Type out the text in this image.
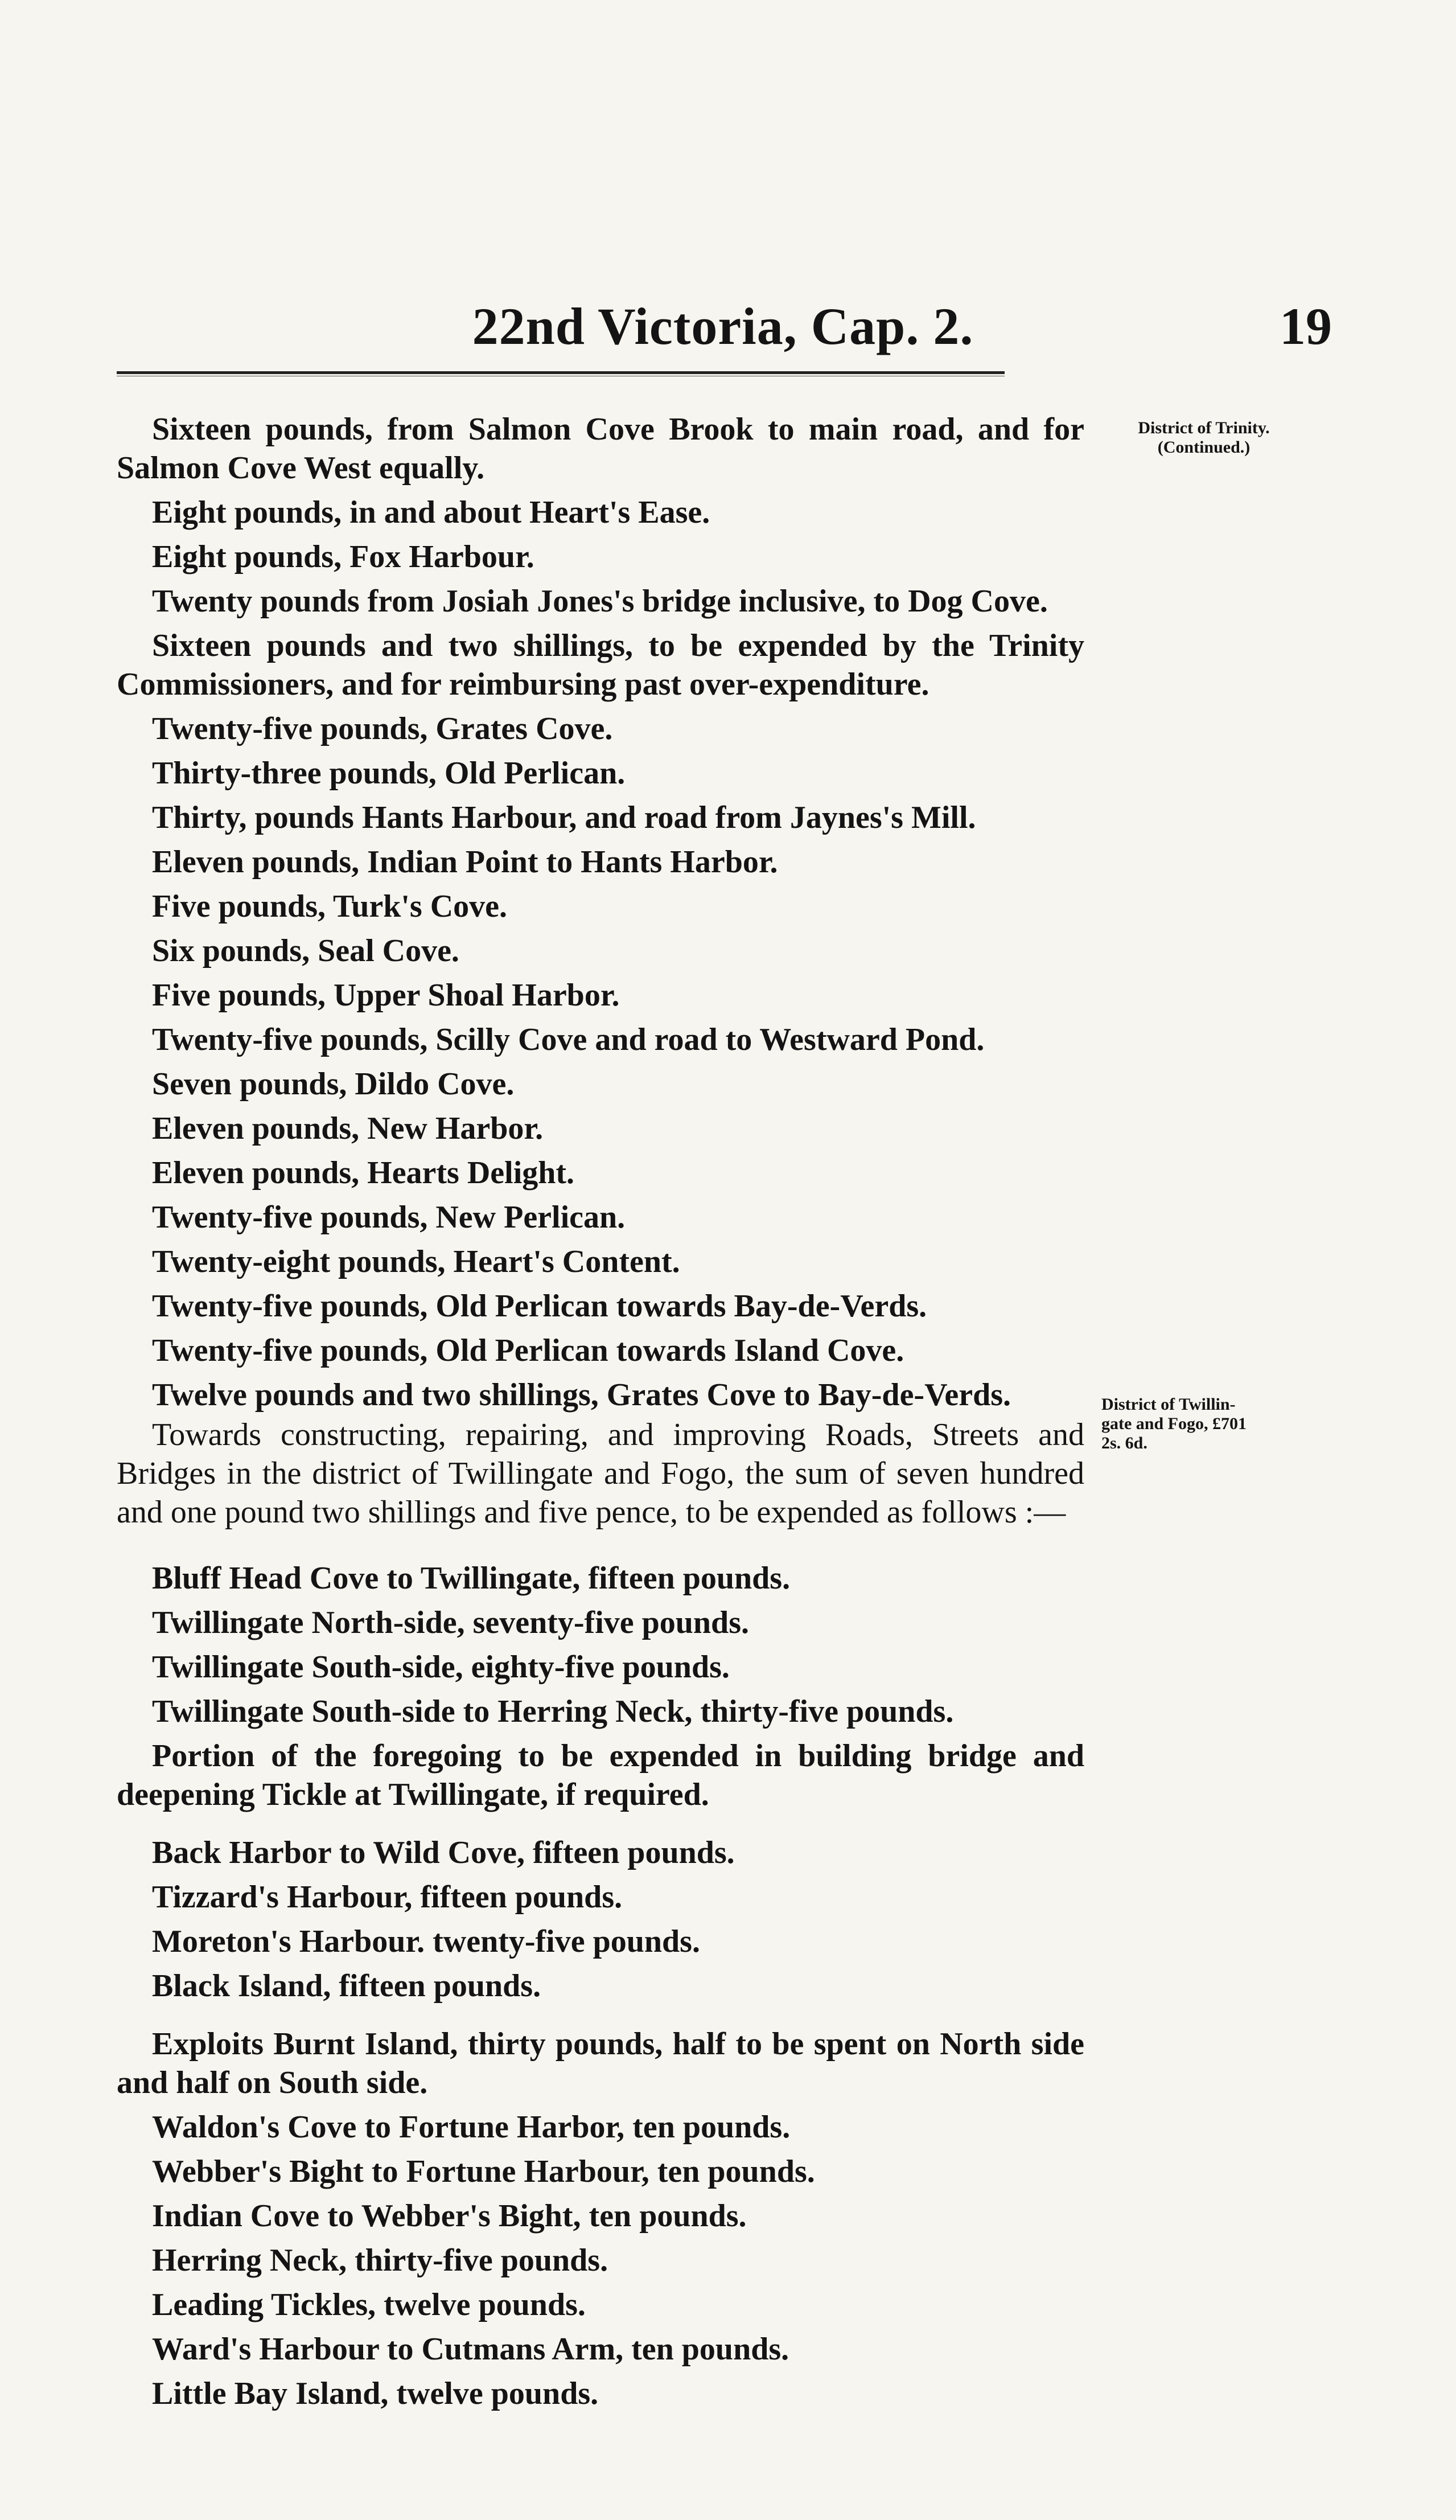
22nd Victoria, Cap. 2.	19
District of Trinity.
(Continued.)
District of Twillin-
gate and Fogo, £701
2s. 6d.

Sixteen pounds, from Salmon Cove Brook to main road, and for Salmon Cove West equally.

Eight pounds, in and about Heart's Ease.

Eight pounds, Fox Harbour.

Twenty pounds from Josiah Jones's bridge inclusive, to Dog Cove.

Sixteen pounds and two shillings, to be expended by the Trinity Commissioners, and for reimbursing past over-expenditure.

Twenty-five pounds, Grates Cove.

Thirty-three pounds, Old Perlican.

Thirty, pounds Hants Harbour, and road from Jaynes's Mill.

Eleven pounds, Indian Point to Hants Harbor.

Five pounds, Turk's Cove.

Six pounds, Seal Cove.

Five pounds, Upper Shoal Harbor.

Twenty-five pounds, Scilly Cove and road to Westward Pond.

Seven pounds, Dildo Cove.

Eleven pounds, New Harbor.

Eleven pounds, Hearts Delight.

Twenty-five pounds, New Perlican.

Twenty-eight pounds, Heart's Content.

Twenty-five pounds, Old Perlican towards Bay-de-Verds.

Twenty-five pounds, Old Perlican towards Island Cove.

Twelve pounds and two shillings, Grates Cove to Bay-de-Verds.

Towards constructing, repairing, and improving Roads, Streets and Bridges in the district of Twillingate and Fogo, the sum of seven hundred and one pound two shillings and five pence, to be expended as follows :—

Bluff Head Cove to Twillingate, fifteen pounds.

Twillingate North-side, seventy-five pounds.

Twillingate South-side, eighty-five pounds.

Twillingate South-side to Herring Neck, thirty-five pounds.

Portion of the foregoing to be expended in building bridge and deepening Tickle at Twillingate, if required.

Back Harbor to Wild Cove, fifteen pounds.

Tizzard's Harbour, fifteen pounds.

Moreton's Harbour. twenty-five pounds.

Black Island, fifteen pounds.

Exploits Burnt Island, thirty pounds, half to be spent on North side and half on South side.

Waldon's Cove to Fortune Harbor, ten pounds.

Webber's Bight to Fortune Harbour, ten pounds.

Indian Cove to Webber's Bight, ten pounds.

Herring Neck, thirty-five pounds.

Leading Tickles, twelve pounds.

Ward's Harbour to Cutmans Arm, ten pounds.

Little Bay Island, twelve pounds.
